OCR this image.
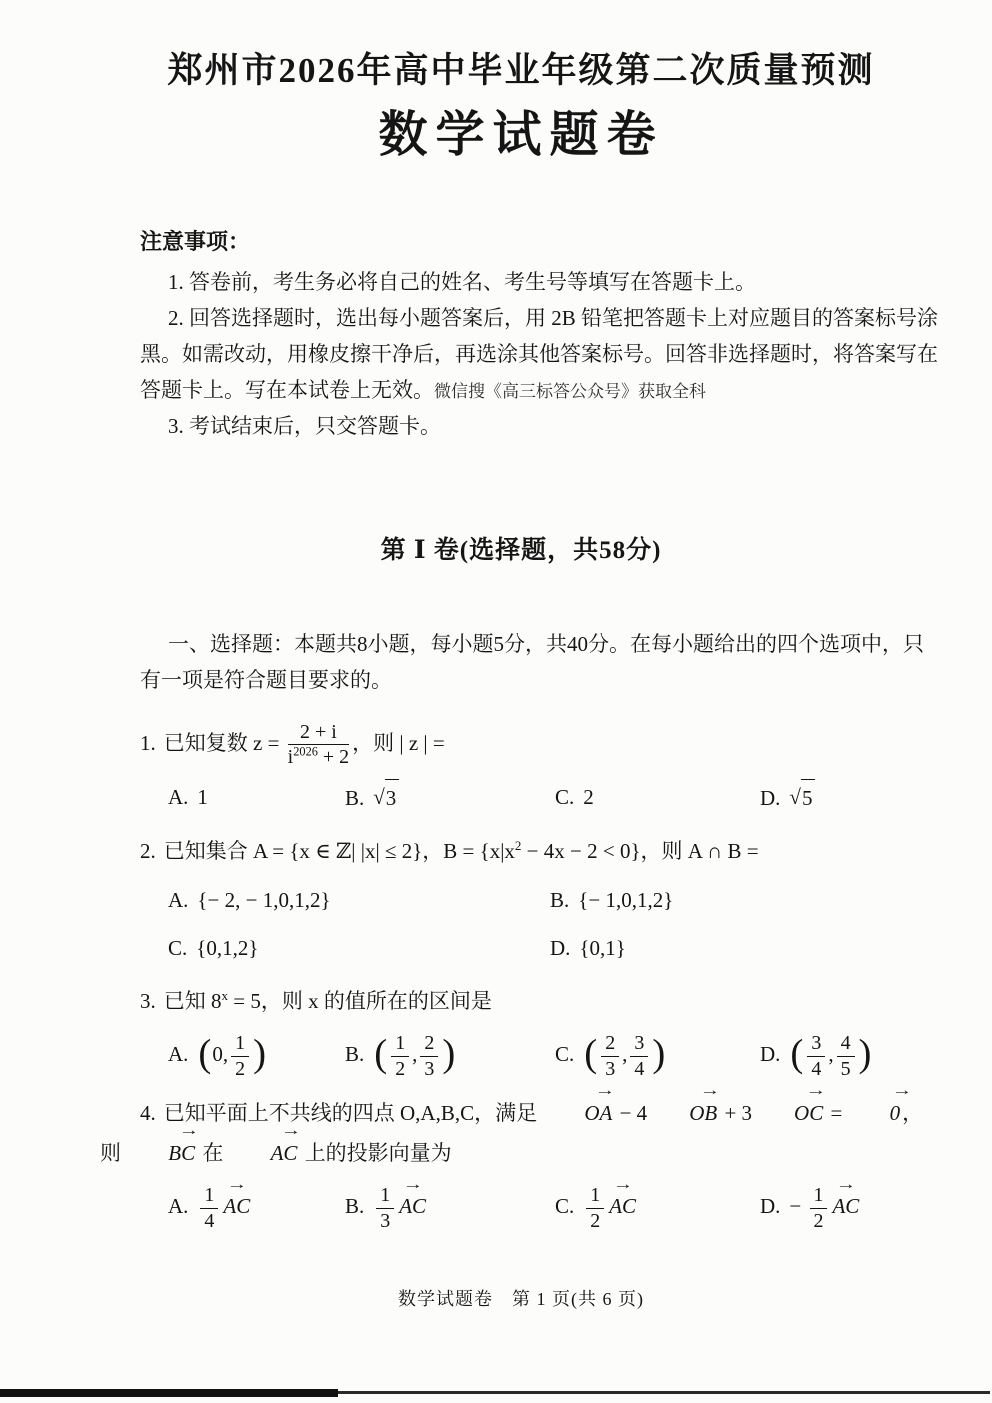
郑州市2026年高中毕业年级第二次质量预测
数学试题卷

注意事项：

1. 答卷前，考生务必将自己的姓名、考生号等填写在答题卡上。

2. 回答选择题时，选出每小题答案后，用 2B 铅笔把答题卡上对应题目的答案标号涂黑。如需改动，用橡皮擦干净后，再选涂其他答案标号。回答非选择题时，将答案写在答题卡上。写在本试卷上无效。微信搜《高三标答公众号》获取全科

3. 考试结束后，只交答题卡。

第 Ⅰ 卷(选择题，共58分)

一、选择题：本题共8小题，每小题5分，共40分。在每小题给出的四个选项中，只有一项是符合题目要求的。

1. 已知复数 $z = \frac{2 + i}{i^{2026} + 2}$ ，则 | z | =

A. 1	B. √3	C. 2	D. √5

2. 已知集合 A = {x ∈ ℤ| |x| ≤ 2}，$B = \{x|x^2 - 4x - 2 < 0\}$，则 A ∩ B =

A. {− 2, − 1,0,1,2}	B. {− 1,0,1,2}
C. {0,1,2}	D. {0,1}

3. 已知 $8^x = 5$，则 x 的值所在的区间是

A. (0, $\frac{1}{2}$ )	B. ( $\frac{1}{2}$ , $\frac{2}{3}$ )	C. ( $\frac{2}{3}$ , $\frac{3}{4}$ )	D. ( $\frac{3}{4}$ , $\frac{4}{5}$ )

4. 已知平面上不共线的四点 O,A,B,C，满足
→
OA − 4
→
OB + 3
→
OC =
→
0，则
→
BC 在
→
AC 上的投影向量为

A. $\frac{1}{4}$ →
AC	B. $\frac{1}{3}$ →
AC	C. $\frac{1}{2}$ →
AC	D. − $\frac{1}{2}$ →
AC

数学试题卷　第 1 页(共 6 页)
